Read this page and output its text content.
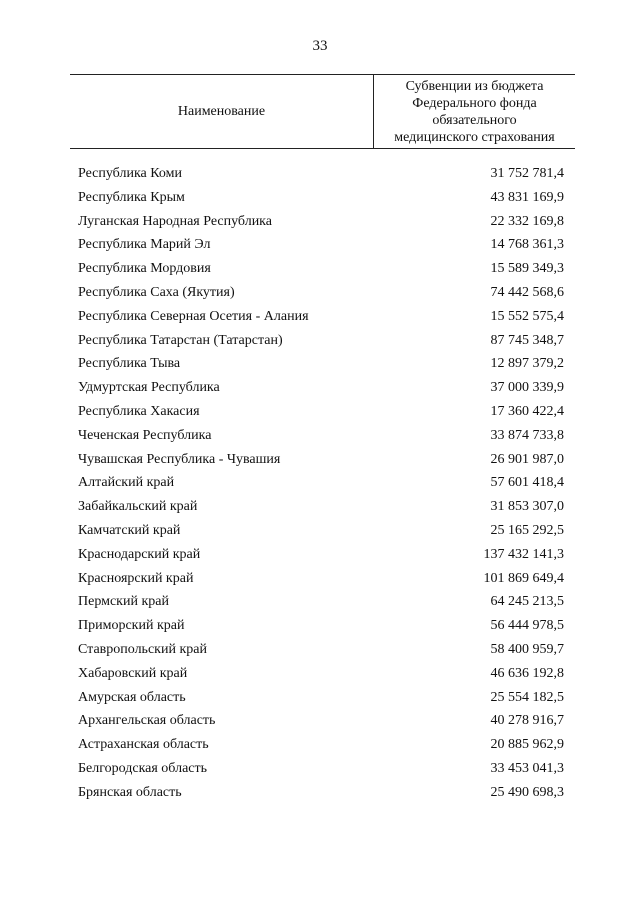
33
Наименование
Субвенции из бюджета
Федерального фонда
обязательного
медицинского страхования
Республика Коми	31 752 781,4
Республика Крым	43 831 169,9
Луганская Народная Республика	22 332 169,8
Республика Марий Эл	14 768 361,3
Республика Мордовия	15 589 349,3
Республика Саха (Якутия)	74 442 568,6
Республика Северная Осетия - Алания	15 552 575,4
Республика Татарстан (Татарстан)	87 745 348,7
Республика Тыва	12 897 379,2
Удмуртская Республика	37 000 339,9
Республика Хакасия	17 360 422,4
Чеченская Республика	33 874 733,8
Чувашская Республика - Чувашия	26 901 987,0
Алтайский край	57 601 418,4
Забайкальский край	31 853 307,0
Камчатский край	25 165 292,5
Краснодарский край	137 432 141,3
Красноярский край	101 869 649,4
Пермский край	64 245 213,5
Приморский край	56 444 978,5
Ставропольский край	58 400 959,7
Хабаровский край	46 636 192,8
Амурская область	25 554 182,5
Архангельская область	40 278 916,7
Астраханская область	20 885 962,9
Белгородская область	33 453 041,3
Брянская область	25 490 698,3
